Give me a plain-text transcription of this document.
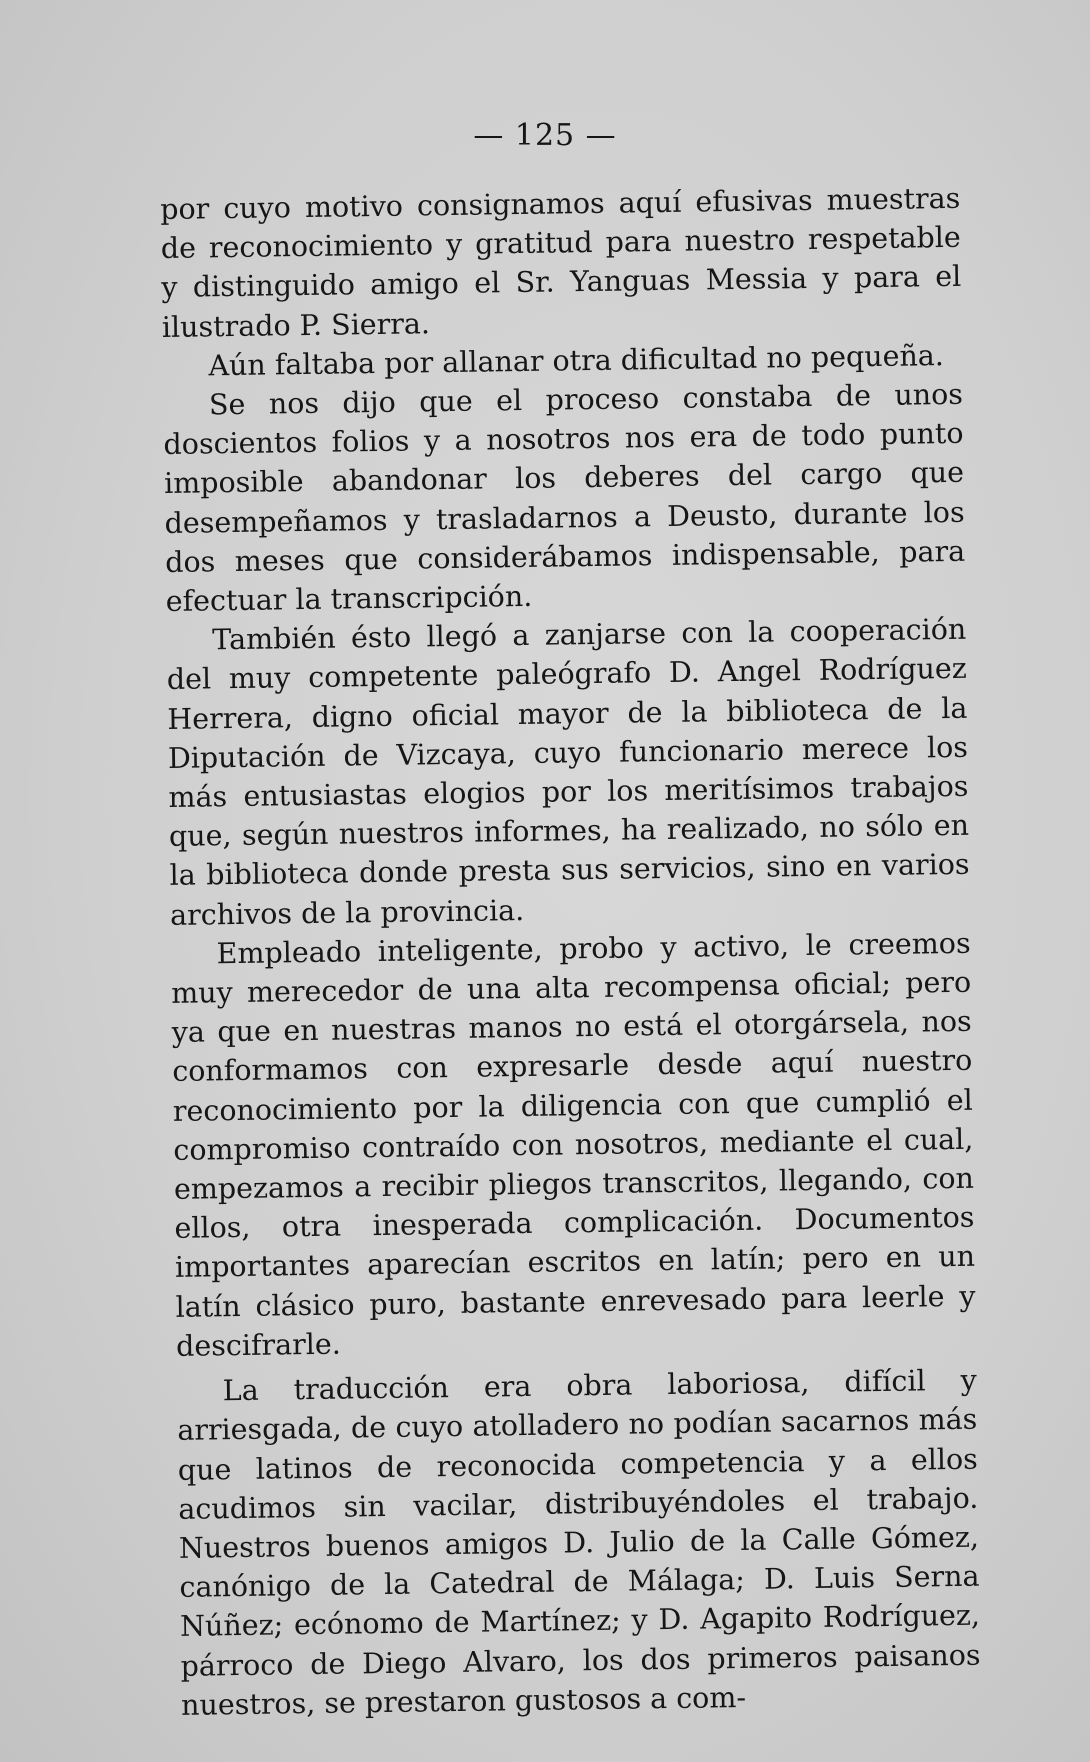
— 125 —

por cuyo motivo consignamos aquí efusivas muestras de reconocimiento y gratitud para nuestro respetable y distinguido amigo el Sr. Yanguas Messia y para el ilustrado P. Sierra.

Aún faltaba por allanar otra dificultad no pequeña.

Se nos dijo que el proceso constaba de unos doscientos folios y a nosotros nos era de todo punto imposible abandonar los deberes del cargo que desempeñamos y trasladarnos a Deusto, durante los dos meses que considerábamos indispensable, para efectuar la transcripción.

También ésto llegó a zanjarse con la cooperación del muy competente paleógrafo D. Angel Rodríguez Herrera, digno oficial mayor de la biblioteca de la Diputación de Vizcaya, cuyo funcionario merece los más entusiastas elogios por los meritísimos trabajos que, según nuestros informes, ha realizado, no sólo en la biblioteca donde presta sus servicios, sino en varios archivos de la provincia.

Empleado inteligente, probo y activo, le creemos muy merecedor de una alta recompensa oficial; pero ya que en nuestras manos no está el otorgársela, nos conformamos con expresarle desde aquí nuestro reconocimiento por la diligencia con que cumplió el compromiso contraído con nosotros, mediante el cual, empezamos a recibir pliegos transcritos, llegando, con ellos, otra inesperada complicación. Documentos importantes aparecían escritos en latín; pero en un latín clásico puro, bastante enrevesado para leerle y descifrarle.

La traducción era obra laboriosa, difícil y arriesgada, de cuyo atolladero no podían sacarnos más que latinos de reconocida competencia y a ellos acudimos sin vacilar, distribuyéndoles el trabajo. Nuestros buenos amigos D. Julio de la Calle Gómez, canónigo de la Catedral de Málaga; D. Luis Serna Núñez; ecónomo de Martínez; y D. Agapito Rodríguez, párroco de Diego Alvaro, los dos primeros paisanos nuestros, se prestaron gustosos a com-
